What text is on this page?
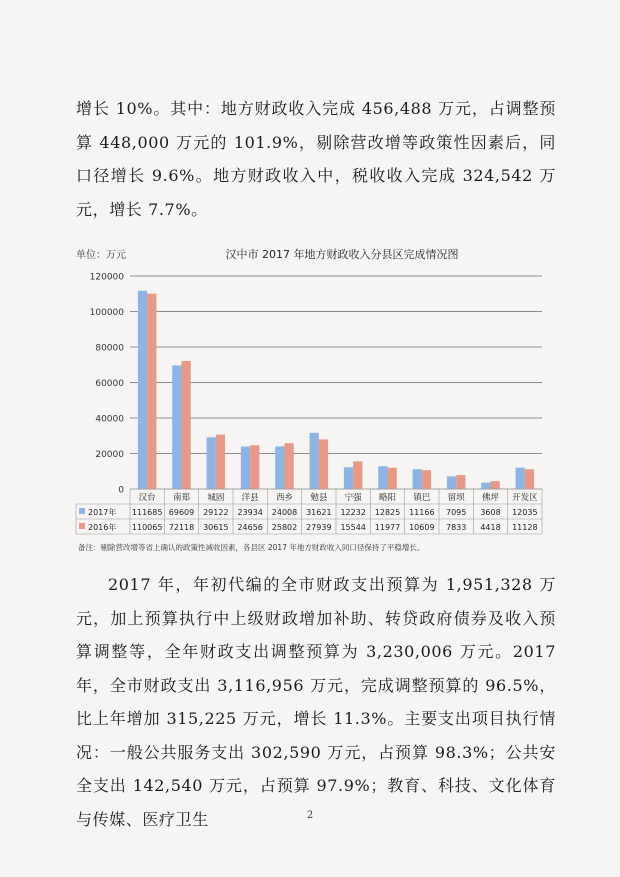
增长 10%。其中：地方财政收入完成 456,488 万元，占调整预算 448,000 万元的 101.9%，剔除营改增等政策性因素后，同口径增长 9.6%。地方财政收入中，税收收入完成 324,542 万元，增长 7.7%。

单位：万元	汉中市 2017 年地方财政收入分县区完成情况图
0
20000
40000
60000
80000
100000
120000
汉台 南郑 城固 洋县 西乡 勉县 宁强 略阳 镇巴 留坝 佛坪 开发区
2017年 111685 69609 29122 23934 24008 31621 12232 12825 11166 7095 3608 12035
2016年 110065 72118 30615 24656 25802 27939 15544 11977 10609 7833 4418 11128
备注：剔除营改增等省上确认的政策性减收因素，各县区 2017 年地方财政收入同口径保持了平稳增长。

2017 年，年初代编的全市财政支出预算为 1,951,328 万元，加上预算执行中上级财政增加补助、转贷政府债券及收入预算调整等，全年财政支出调整预算为 3,230,006 万元。2017 年，全市财政支出 3,116,956 万元，完成调整预算的 96.5%，比上年增加 315,225 万元，增长 11.3%。主要支出项目执行情况：一般公共服务支出 302,590 万元，占预算 98.3%；公共安全支出 142,540 万元，占预算 97.9%；教育、科技、文化体育与传媒、医疗卫生	2
